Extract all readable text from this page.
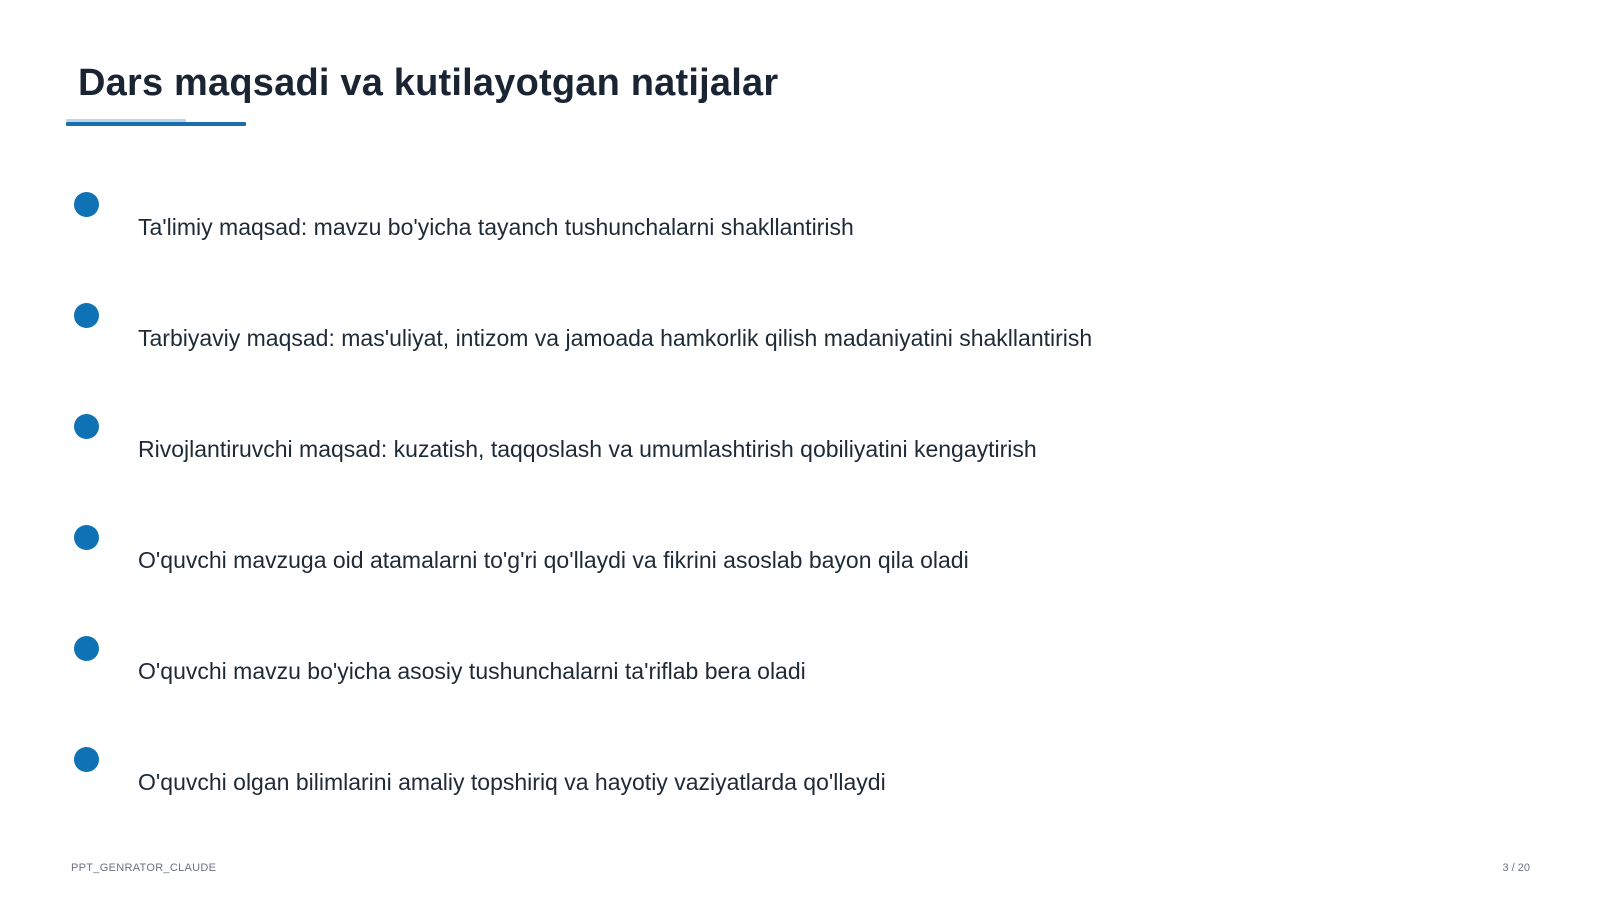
Dars maqsadi va kutilayotgan natijalar
Ta'limiy maqsad: mavzu bo'yicha tayanch tushunchalarni shakllantirish
Tarbiyaviy maqsad: mas'uliyat, intizom va jamoada hamkorlik qilish madaniyatini shakllantirish
Rivojlantiruvchi maqsad: kuzatish, taqqoslash va umumlashtirish qobiliyatini kengaytirish
O'quvchi mavzuga oid atamalarni to'g'ri qo'llaydi va fikrini asoslab bayon qila oladi
O'quvchi mavzu bo'yicha asosiy tushunchalarni ta'riflab bera oladi
O'quvchi olgan bilimlarini amaliy topshiriq va hayotiy vaziyatlarda qo'llaydi
PPT_GENRATOR_CLAUDE	3 / 20
